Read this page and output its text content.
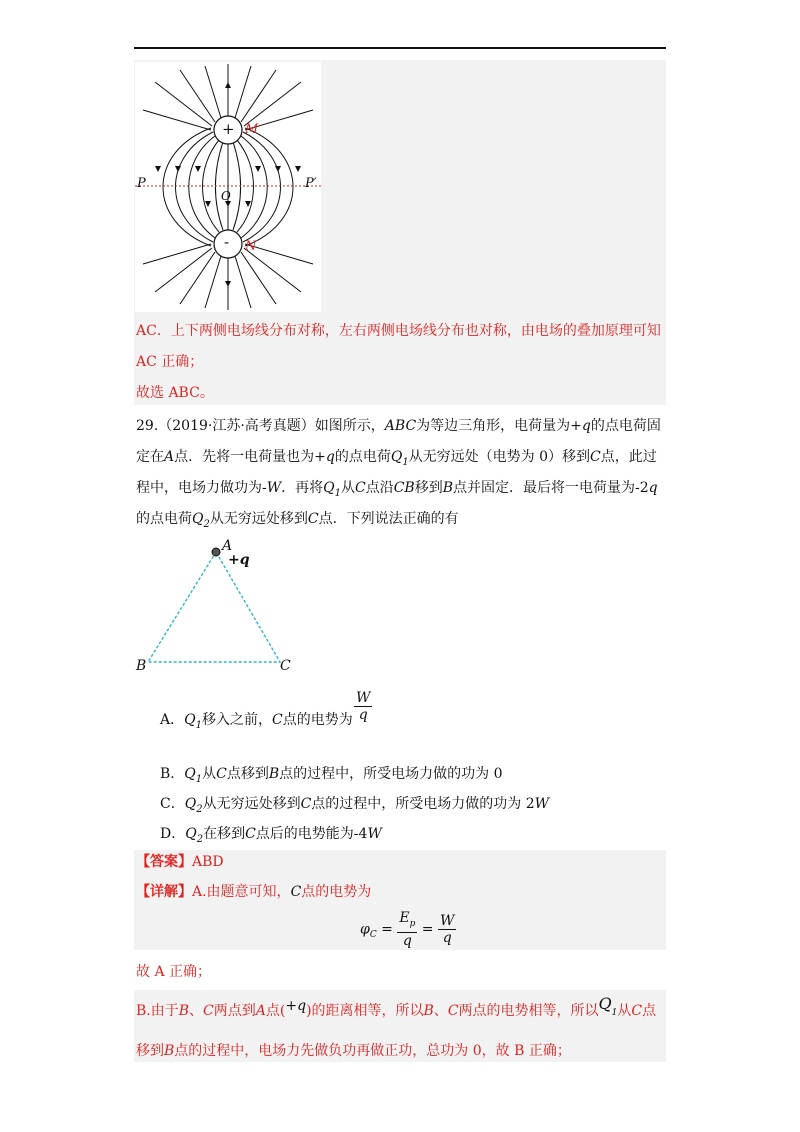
+
-
M
N
P	P′
O
AC．上下两侧电场线分布对称，左右两侧电场线分布也对称，由电场的叠加原理可知
AC 正确；
故选 ABC。
29.（2019·江苏·高考真题）如图所示，ABC为等边三角形，电荷量为+q的点电荷固
定在A点．先将一电荷量也为+q的点电荷$Q_1$从无穷远处（电势为 0）移到C点，此过
程中，电场力做功为-W．再将$Q_1$从C点沿CB移到B点并固定．最后将一电荷量为-2q
的点电荷$Q_2$从无穷远处移到C点．下列说法正确的有
A
+q
B	C
A．$Q_1$移入之前，C点的电势为 $\frac{W}{q}$
B．$Q_1$从C点移到B点的过程中，所受电场力做的功为 0
C．$Q_2$从无穷远处移到C点的过程中，所受电场力做的功为 2W
D．$Q_2$在移到C点后的电势能为-4W
【答案】ABD
【详解】A.由题意可知，C点的电势为
$\varphi_C = \frac{E_p}{q} = \frac{W}{q}$
故 A 正确；
B.由于B、C两点到A点(+q)的距离相等，所以B、C两点的电势相等，所以$Q_1$从C点
移到B点的过程中，电场力先做负功再做正功，总功为 0，故 B 正确；
